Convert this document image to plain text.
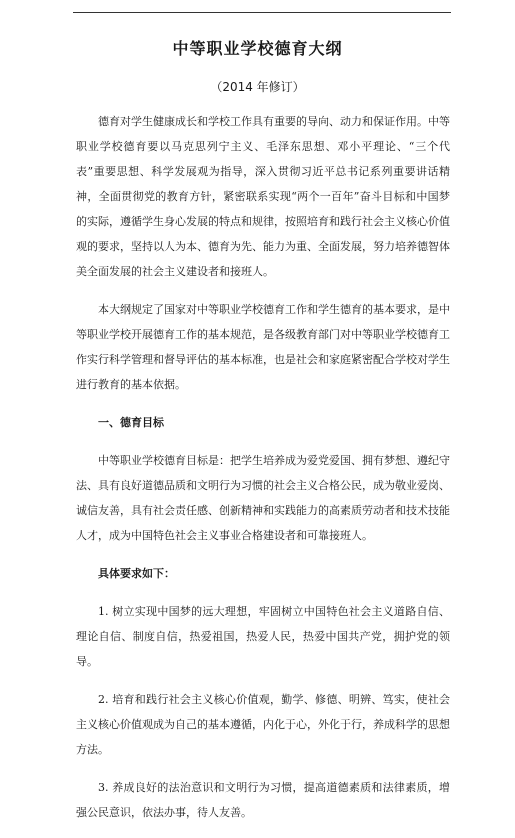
中等职业学校德育大纲

（2014 年修订）

德育对学生健康成长和学校工作具有重要的导向、动力和保证作用。中等职业学校德育要以马克思列宁主义、毛泽东思想、邓小平理论、“三个代表”重要思想、科学发展观为指导，深入贯彻习近平总书记系列重要讲话精神，全面贯彻党的教育方针，紧密联系实现“两个一百年”奋斗目标和中国梦的实际，遵循学生身心发展的特点和规律，按照培育和践行社会主义核心价值观的要求，坚持以人为本、德育为先、能力为重、全面发展，努力培养德智体美全面发展的社会主义建设者和接班人。

本大纲规定了国家对中等职业学校德育工作和学生德育的基本要求，是中等职业学校开展德育工作的基本规范，是各级教育部门对中等职业学校德育工作实行科学管理和督导评估的基本标准，也是社会和家庭紧密配合学校对学生进行教育的基本依据。

一、德育目标

中等职业学校德育目标是：把学生培养成为爱党爱国、拥有梦想、遵纪守法、具有良好道德品质和文明行为习惯的社会主义合格公民，成为敬业爱岗、诚信友善，具有社会责任感、创新精神和实践能力的高素质劳动者和技术技能人才，成为中国特色社会主义事业合格建设者和可靠接班人。

具体要求如下：

1. 树立实现中国梦的远大理想，牢固树立中国特色社会主义道路自信、理论自信、制度自信，热爱祖国，热爱人民，热爱中国共产党，拥护党的领导。

2. 培育和践行社会主义核心价值观，勤学、修德、明辨、笃实，使社会主义核心价值观成为自己的基本遵循，内化于心，外化于行，养成科学的思想方法。

3. 养成良好的法治意识和文明行为习惯，提高道德素质和法律素质，增强公民意识，依法办事，待人友善。
